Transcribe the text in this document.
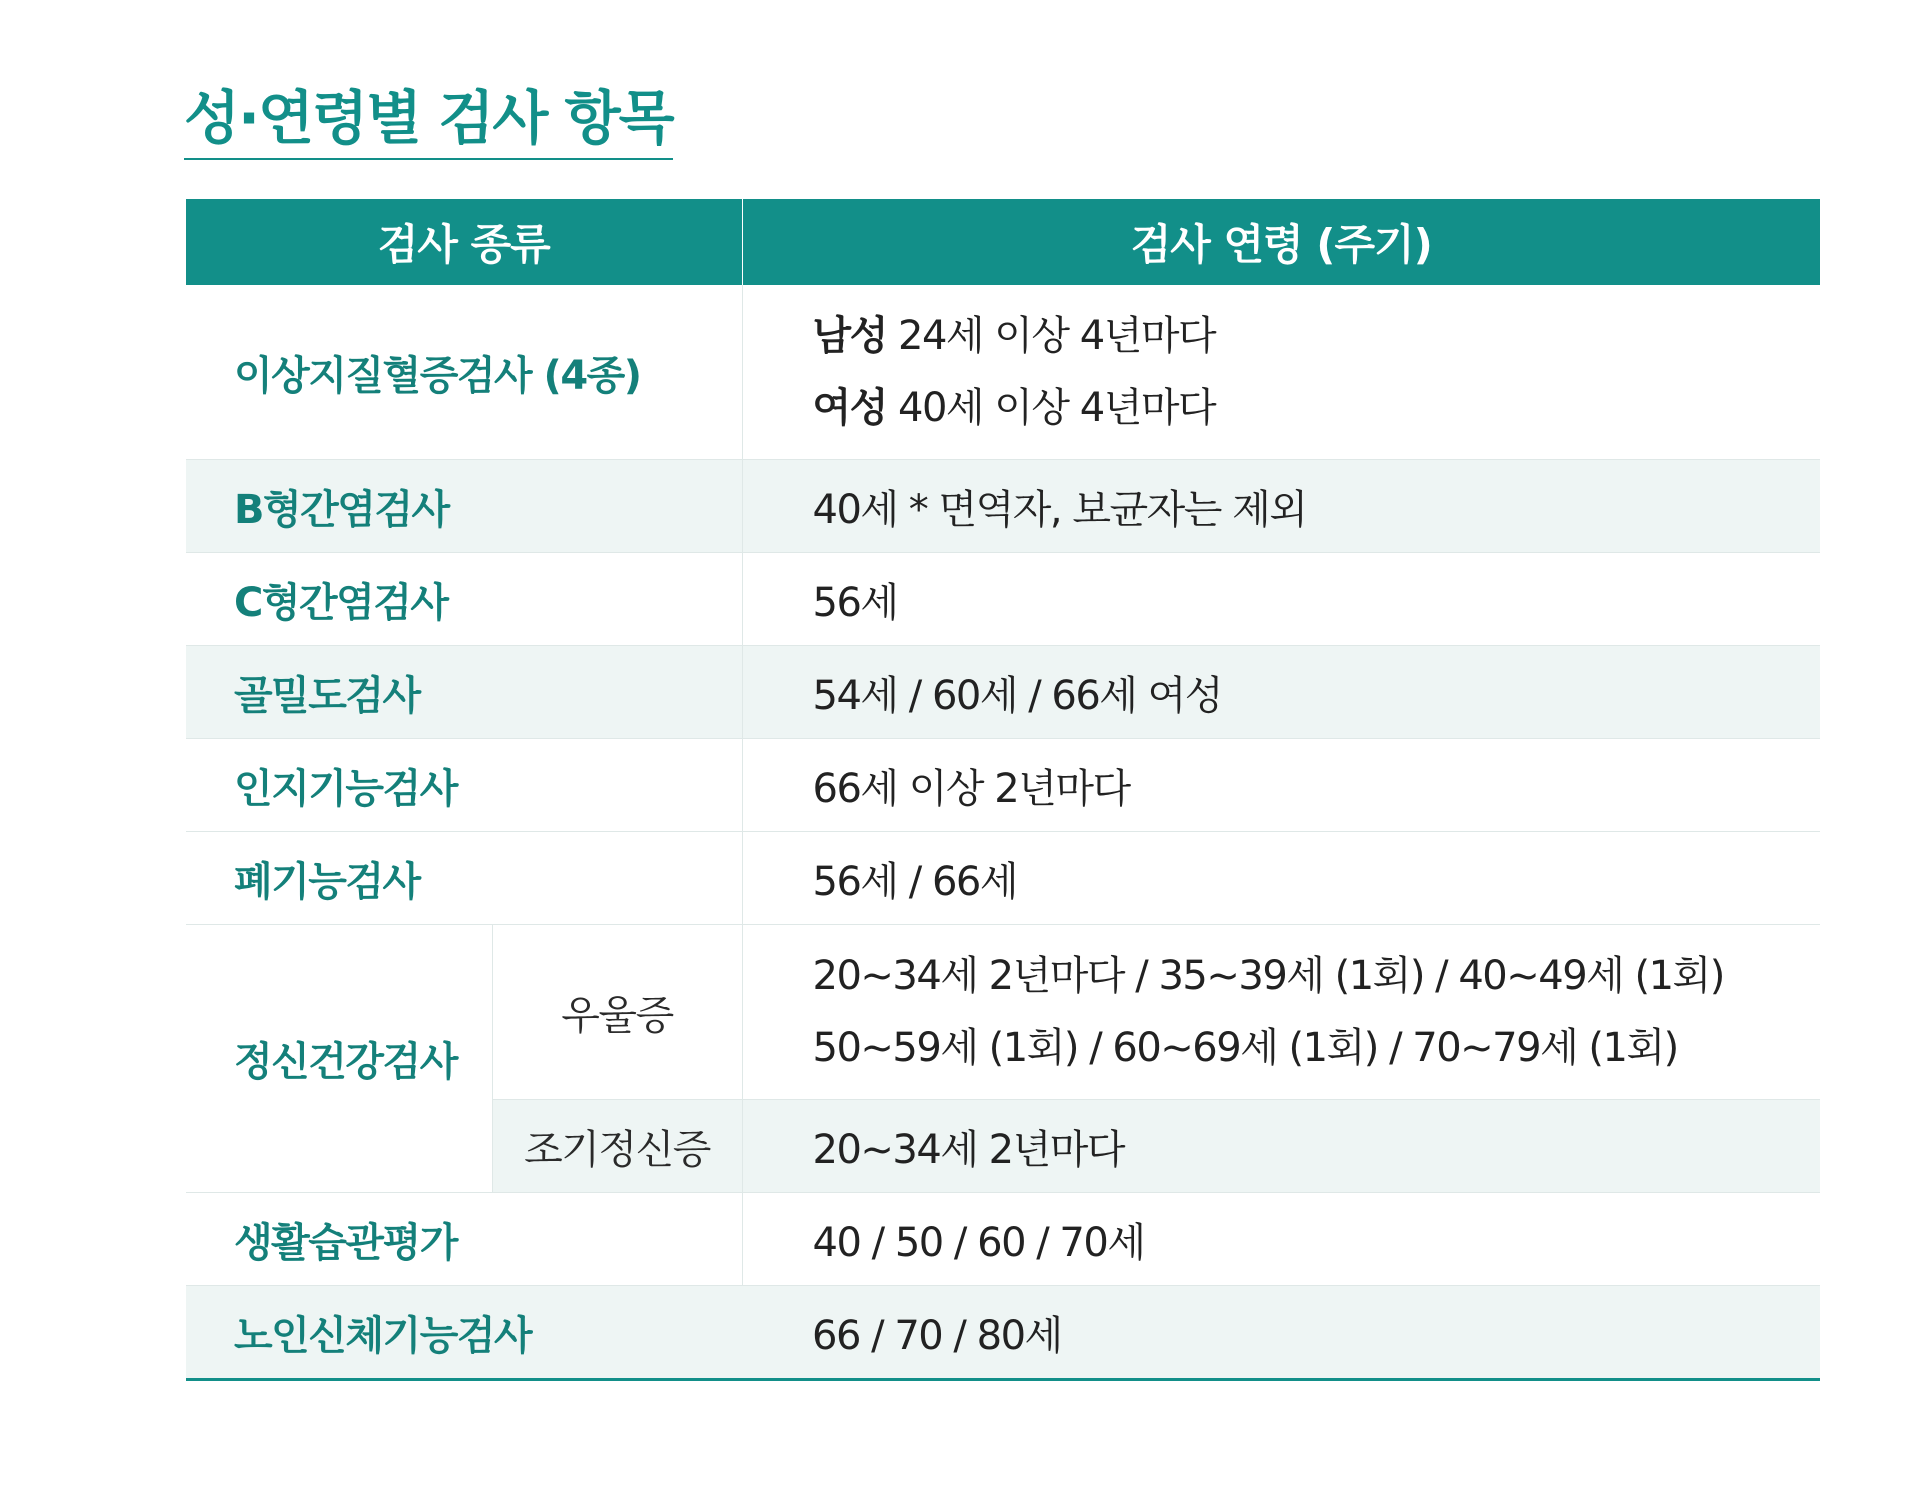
성·연령별 검사 항목
검사 종류		검사 연령 (주기)
이상지질혈증검사 (4종)		남성 24세 이상 4년마다
여성 40세 이상 4년마다

B형간염검사		40세 * 면역자, 보균자는 제외
C형간염검사		56세
골밀도검사		54세 / 60세 / 66세 여성
인지기능검사		66세 이상 2년마다
폐기능검사		56세 / 66세
정신건강검사	우울증	20~34세 2년마다 / 35~39세 (1회) / 40~49세 (1회)
50~59세 (1회) / 60~69세 (1회) / 70~79세 (1회)

	조기정신증	20~34세 2년마다
생활습관평가		40 / 50 / 60 / 70세
노인신체기능검사		66 / 70 / 80세
